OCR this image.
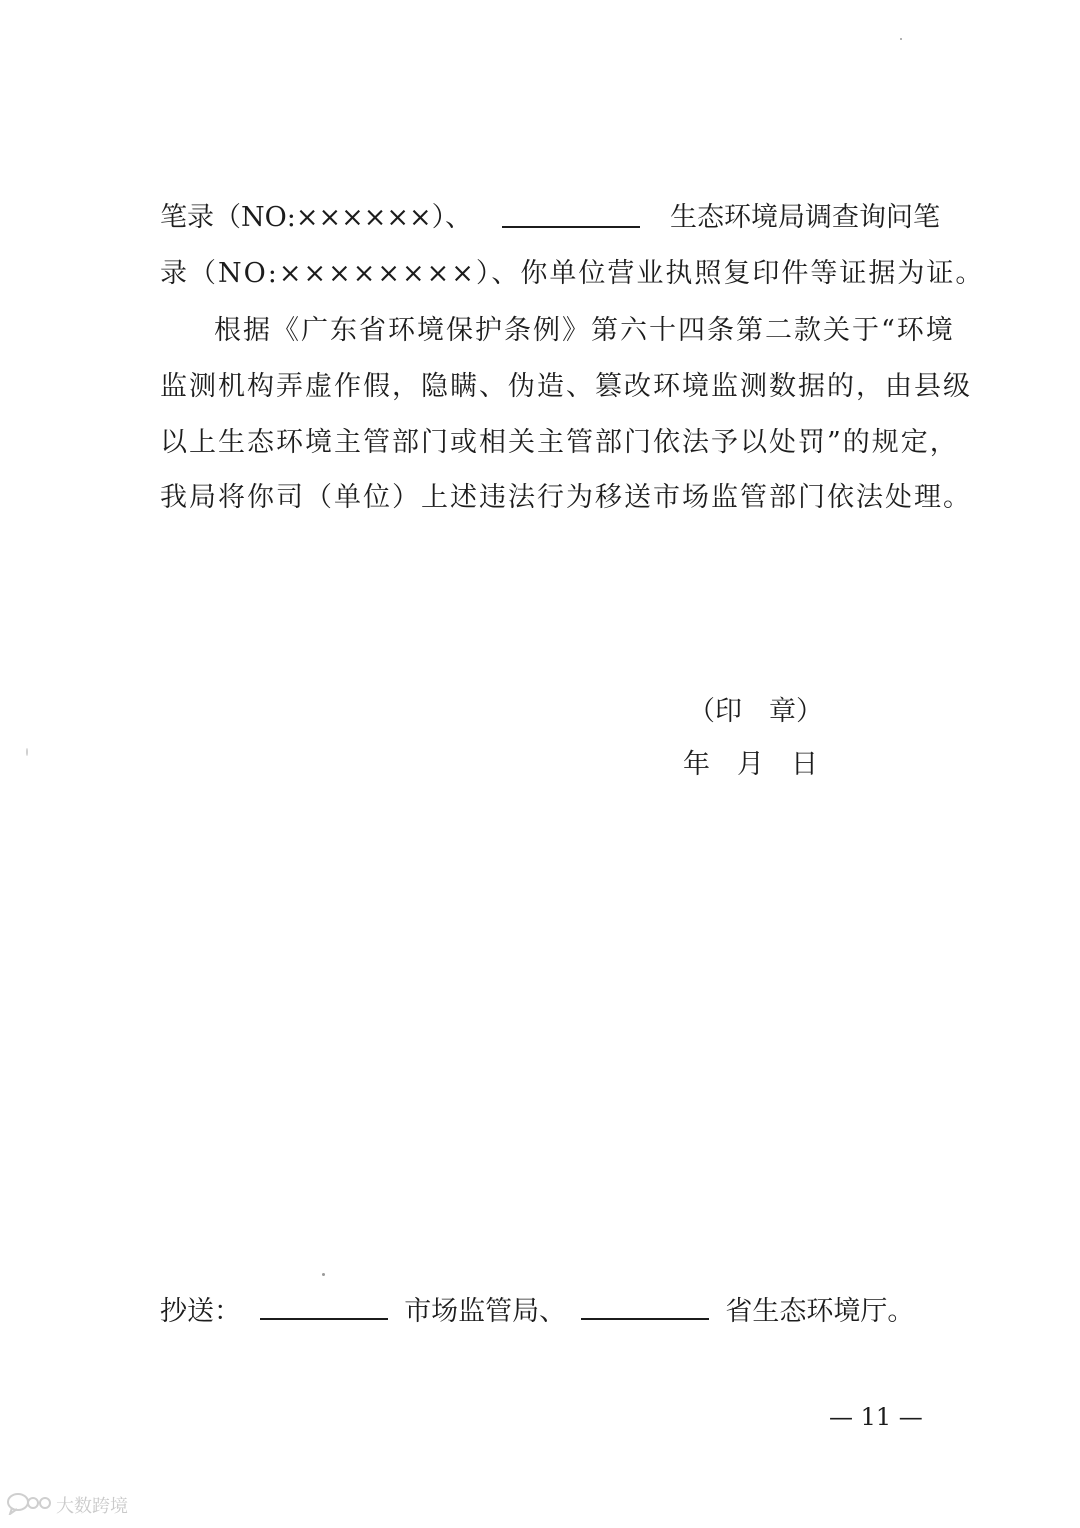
笔录（NO:××××××）、	生态环境局调查询问笔
录（NO:××××××××）、你单位营业执照复印件等证据为证。
根据《广东省环境保护条例》第六十四条第二款关于“环境
监测机构弄虚作假，隐瞒、伪造、篡改环境监测数据的，由县级
以上生态环境主管部门或相关主管部门依法予以处罚”的规定，
我局将你司（单位）上述违法行为移送市场监管部门依法处理。
（印　章）
年　月　日
抄送：	市场监管局、	省生态环境厅。
— 11 —
大数跨境
